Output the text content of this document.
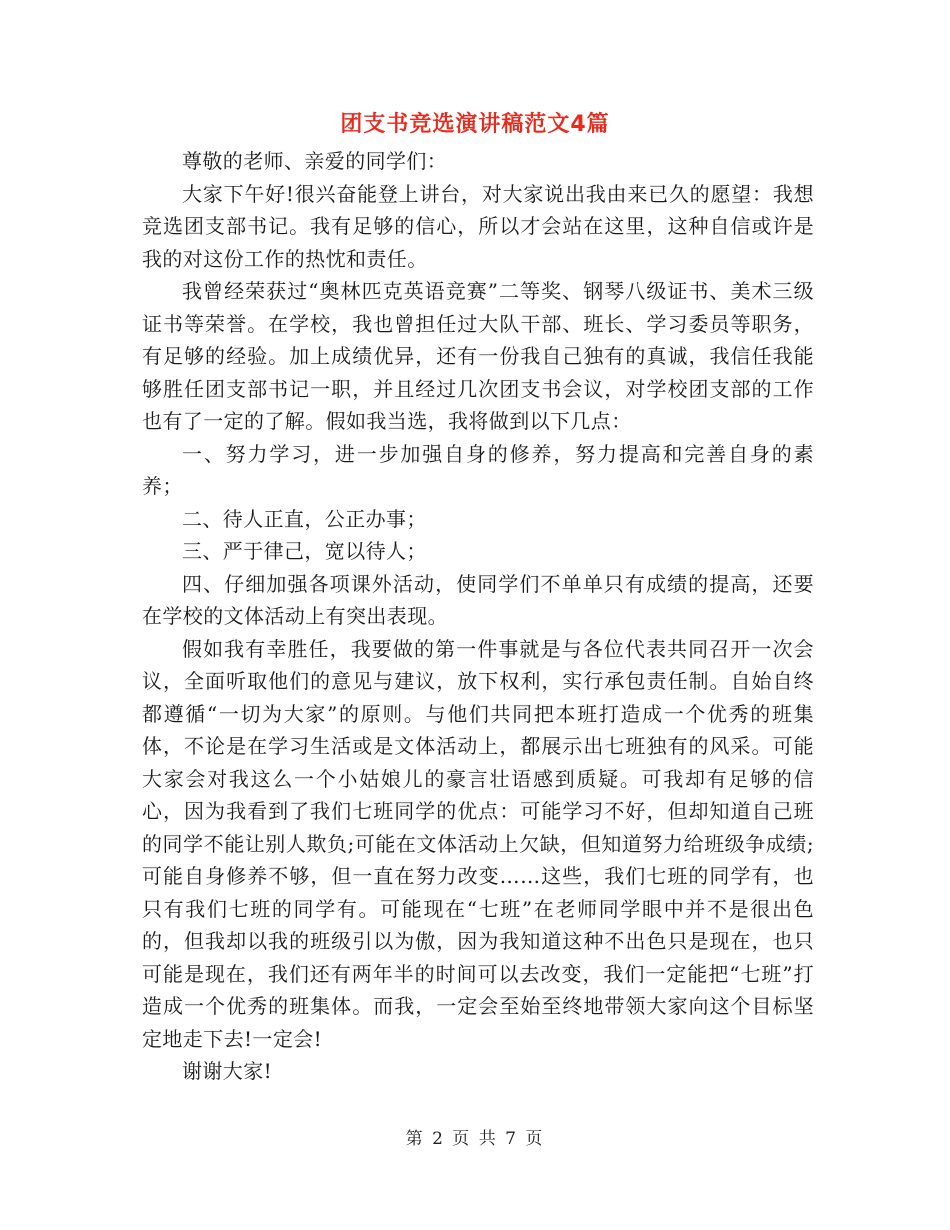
团支书竞选演讲稿范文4篇

尊敬的老师、亲爱的同学们：

大家下午好!很兴奋能登上讲台，对大家说出我由来已久的愿望：我想竞选团支部书记。我有足够的信心，所以才会站在这里，这种自信或许是我的对这份工作的热忱和责任。

我曾经荣获过“奥林匹克英语竞赛”二等奖、钢琴八级证书、美术三级证书等荣誉。在学校，我也曾担任过大队干部、班长、学习委员等职务，有足够的经验。加上成绩优异，还有一份我自己独有的真诚，我信任我能够胜任团支部书记一职，并且经过几次团支书会议，对学校团支部的工作也有了一定的了解。假如我当选，我将做到以下几点：

一、努力学习，进一步加强自身的修养，努力提高和完善自身的素养；

二、待人正直，公正办事；

三、严于律己，宽以待人；

四、仔细加强各项课外活动，使同学们不单单只有成绩的提高，还要在学校的文体活动上有突出表现。

假如我有幸胜任，我要做的第一件事就是与各位代表共同召开一次会议，全面听取他们的意见与建议，放下权利，实行承包责任制。自始自终都遵循“一切为大家”的原则。与他们共同把本班打造成一个优秀的班集体，不论是在学习生活或是文体活动上，都展示出七班独有的风采。可能大家会对我这么一个小姑娘儿的豪言壮语感到质疑。可我却有足够的信心，因为我看到了我们七班同学的优点：可能学习不好，但却知道自己班的同学不能让别人欺负;可能在文体活动上欠缺，但知道努力给班级争成绩;可能自身修养不够，但一直在努力改变……这些，我们七班的同学有，也只有我们七班的同学有。可能现在“七班”在老师同学眼中并不是很出色的，但我却以我的班级引以为傲，因为我知道这种不出色只是现在，也只可能是现在，我们还有两年半的时间可以去改变，我们一定能把“七班”打造成一个优秀的班集体。而我，一定会至始至终地带领大家向这个目标坚定地走下去!一定会!

谢谢大家!

第 2 页 共 7 页
